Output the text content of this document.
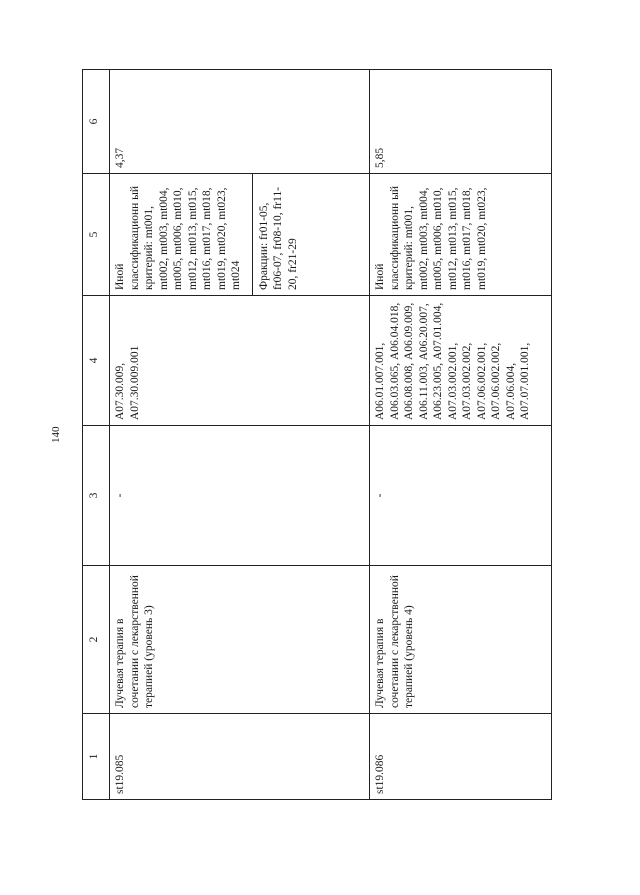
140
1	2	3	4	5	6
st19.085	Лучевая терапия в сочетании с лекарственной терапией (уровень 3)	-	А07.30.009, А07.30.009.001	Иной классификационн ый критерий: mt001, mt002, mt003, mt004, mt005, mt006, mt010, mt012, mt013, mt015, mt016, mt017, mt018, mt019, mt020, mt023, mt024 Фракции: fr01-05, fr06-07, fr08-10, fr11-20, fr21-29	4,37
st19.086	Лучевая терапия в сочетании с лекарственной терапией (уровень 4)	-	А06.01.007.001, А06.03.065, А06.04.018, А06.08.008, А06.09.009, А06.11.003, А06.20.007, А06.23.005, А07.01.004, А07.03.002.001, А07.03.002.002, А07.06.002.001, А07.06.002.002, А07.06.004, А07.07.001.001,	Иной классификационн ый критерий: mt001, mt002, mt003, mt004, mt005, mt006, mt010, mt012, mt013, mt015, mt016, mt017, mt018, mt019, mt020, mt023,	5,85
